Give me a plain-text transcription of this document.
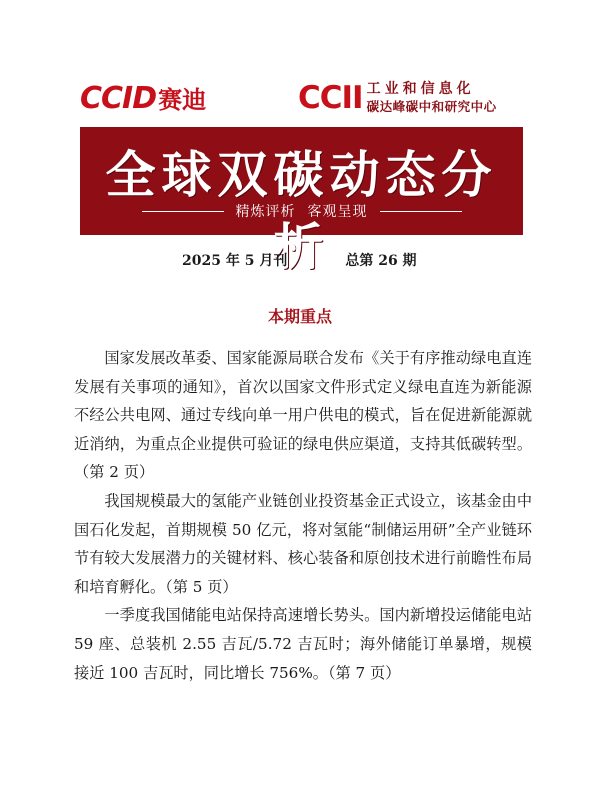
CCID 赛迪	CCII 工业和信息化
碳达峰碳中和研究中心
全球双碳动态分析
精炼评析 客观呈现
2025 年 5 月刊	总第 26 期
本期重点

国家发展改革委、国家能源局联合发布《关于有序推动绿电直连发展有关事项的通知》，首次以国家文件形式定义绿电直连为新能源不经公共电网、通过专线向单一用户供电的模式，旨在促进新能源就近消纳，为重点企业提供可验证的绿电供应渠道，支持其低碳转型。（第 2 页）

我国规模最大的氢能产业链创业投资基金正式设立，该基金由中国石化发起，首期规模 50 亿元，将对氢能“制储运用研”全产业链环节有较大发展潜力的关键材料、核心装备和原创技术进行前瞻性布局和培育孵化。（第 5 页）

一季度我国储能电站保持高速增长势头。国内新增投运储能电站 59 座、总装机 2.55 吉瓦/5.72 吉瓦时；海外储能订单暴增，规模接近 100 吉瓦时，同比增长 756%。（第 7 页）
